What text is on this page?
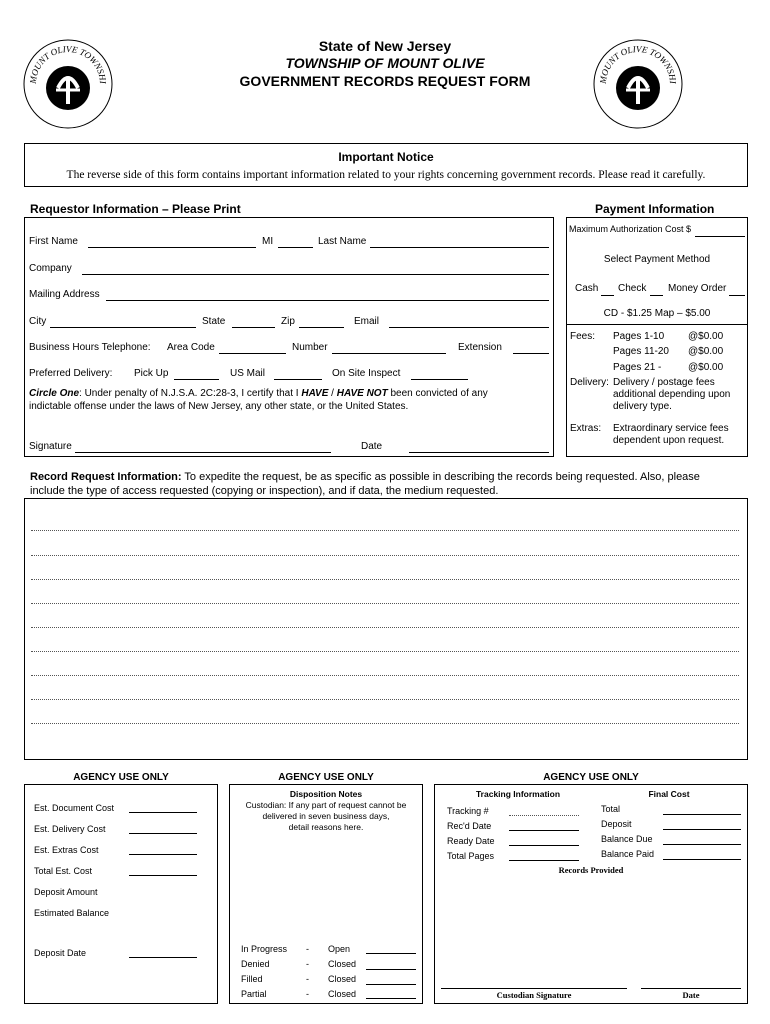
MOUNT OLIVE TOWNSHI	MOUNT OLIVE TOWNSHI
State of New Jersey
TOWNSHIP OF MOUNT OLIVE
GOVERNMENT RECORDS REQUEST FORM
Important Notice
The reverse side of this form contains important information related to your rights concerning government records. Please read it carefully.
Requestor Information – Please Print	Payment Information
First Name	MI	Last Name
Company
Mailing Address
City	State	Zip	Email
Business Hours Telephone: Area Code	Number	Extension
Preferred Delivery: Pick Up	US Mail	On Site Inspect
Circle One: Under penalty of N.J.S.A. 2C:28-3, I certify that I HAVE / HAVE NOT been convicted of any
indictable offense under the laws of New Jersey, any other state, or the United States.
Signature	Date
Maximum Authorization Cost $
Select Payment Method
Cash Check Money Order
CD - $1.25 Map – $5.00
Fees: Pages 1-10 @$0.00
Pages 11-20 @$0.00
Pages 21 -	@$0.00
Delivery: Delivery / postage fees
additional depending upon
delivery type.
Extras: Extraordinary service fees
dependent upon request.
Record Request Information: To expedite the request, be as specific as possible in describing the records being requested. Also, please
include the type of access requested (copying or inspection), and if data, the medium requested.
AGENCY USE ONLY
Est. Document Cost
Est. Delivery Cost
Est. Extras Cost
Total Est. Cost
Deposit Amount
Estimated Balance
Deposit Date
AGENCY USE ONLY
Disposition Notes
Custodian: If any part of request cannot be
delivered in seven business days,
detail reasons here.
In Progress - Open
Denied	- Closed
Filled	- Closed
Partial	- Closed
AGENCY USE ONLY
Tracking Information	Final Cost
Tracking #
Rec'd Date
Ready Date
Total Pages
Total
Deposit
Balance Due
Balance Paid
Records Provided
Custodian Signature	Date
